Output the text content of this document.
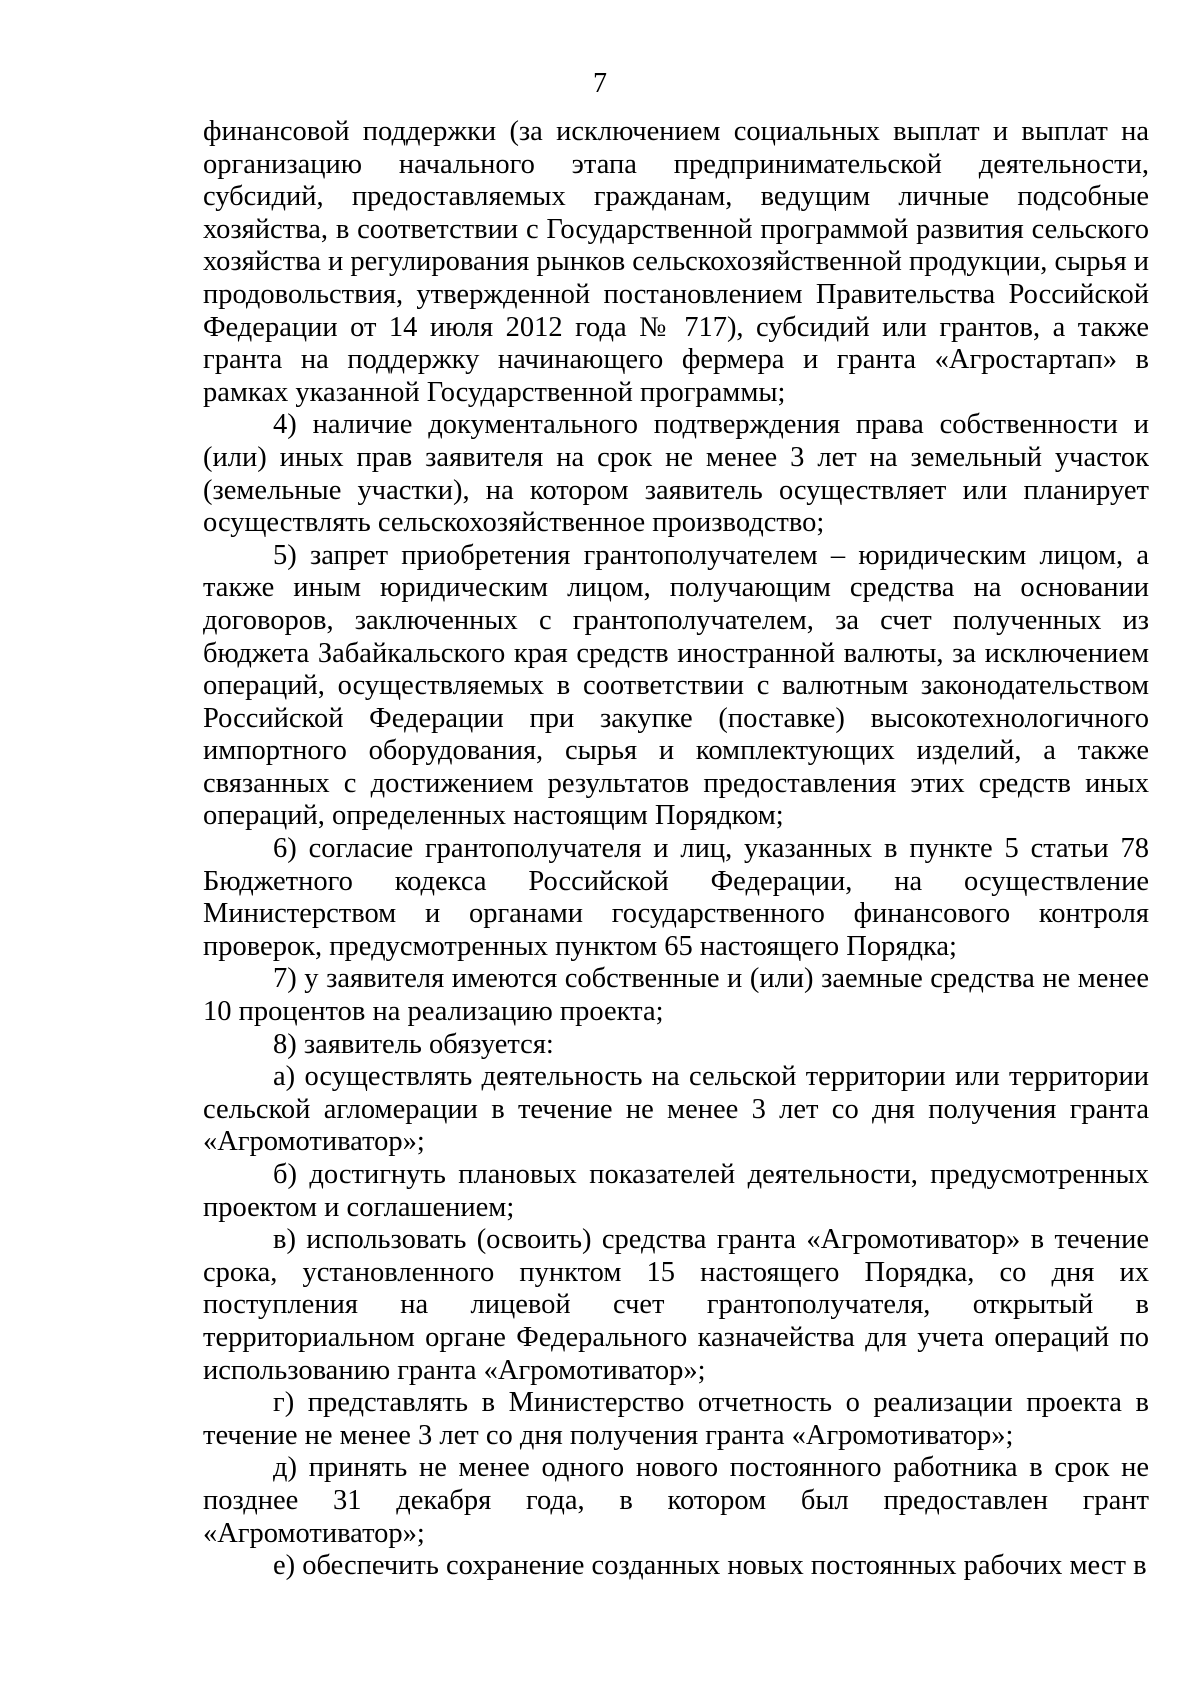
7

финансовой поддержки (за исключением социальных выплат и выплат на организацию начального этапа предпринимательской деятельности, субсидий, предоставляемых гражданам, ведущим личные подсобные хозяйства, в соответствии с Государственной программой развития сельского хозяйства и регулирования рынков сельскохозяйственной продукции, сырья и продовольствия, утвержденной постановлением Правительства Российской Федерации от 14 июля 2012 года № 717), субсидий или грантов, а также гранта на поддержку начинающего фермера и гранта «Агростартап» в рамках указанной Государственной программы;

4) наличие документального подтверждения права собственности и (или) иных прав заявителя на срок не менее 3 лет на земельный участок (земельные участки), на котором заявитель осуществляет или планирует осуществлять сельскохозяйственное производство;

5) запрет приобретения грантополучателем – юридическим лицом, а также иным юридическим лицом, получающим средства на основании договоров, заключенных с грантополучателем, за счет полученных из бюджета Забайкальского края средств иностранной валюты, за исключением операций, осуществляемых в соответствии с валютным законодательством Российской Федерации при закупке (поставке) высокотехнологичного импортного оборудования, сырья и комплектующих изделий, а также связанных с достижением результатов предоставления этих средств иных операций, определенных настоящим Порядком;

6) согласие грантополучателя и лиц, указанных в пункте 5 статьи 78 Бюджетного кодекса Российской Федерации, на осуществление Министерством и органами государственного финансового контроля проверок, предусмотренных пунктом 65 настоящего Порядка;

7) у заявителя имеются собственные и (или) заемные средства не менее 10 процентов на реализацию проекта;

8) заявитель обязуется:

а) осуществлять деятельность на сельской территории или территории сельской агломерации в течение не менее 3 лет со дня получения гранта «Агромотиватор»;

б) достигнуть плановых показателей деятельности, предусмотренных проектом и соглашением;

в) использовать (освоить) средства гранта «Агромотиватор» в течение срока, установленного пунктом 15 настоящего Порядка, со дня их поступления на лицевой счет грантополучателя, открытый в территориальном органе Федерального казначейства для учета операций по использованию гранта «Агромотиватор»;

г) представлять в Министерство отчетность о реализации проекта в течение не менее 3 лет со дня получения гранта «Агромотиватор»;

д) принять не менее одного нового постоянного работника в срок не позднее 31 декабря года, в котором был предоставлен грант «Агромотиватор»;

е) обеспечить сохранение созданных новых постоянных рабочих мест в
